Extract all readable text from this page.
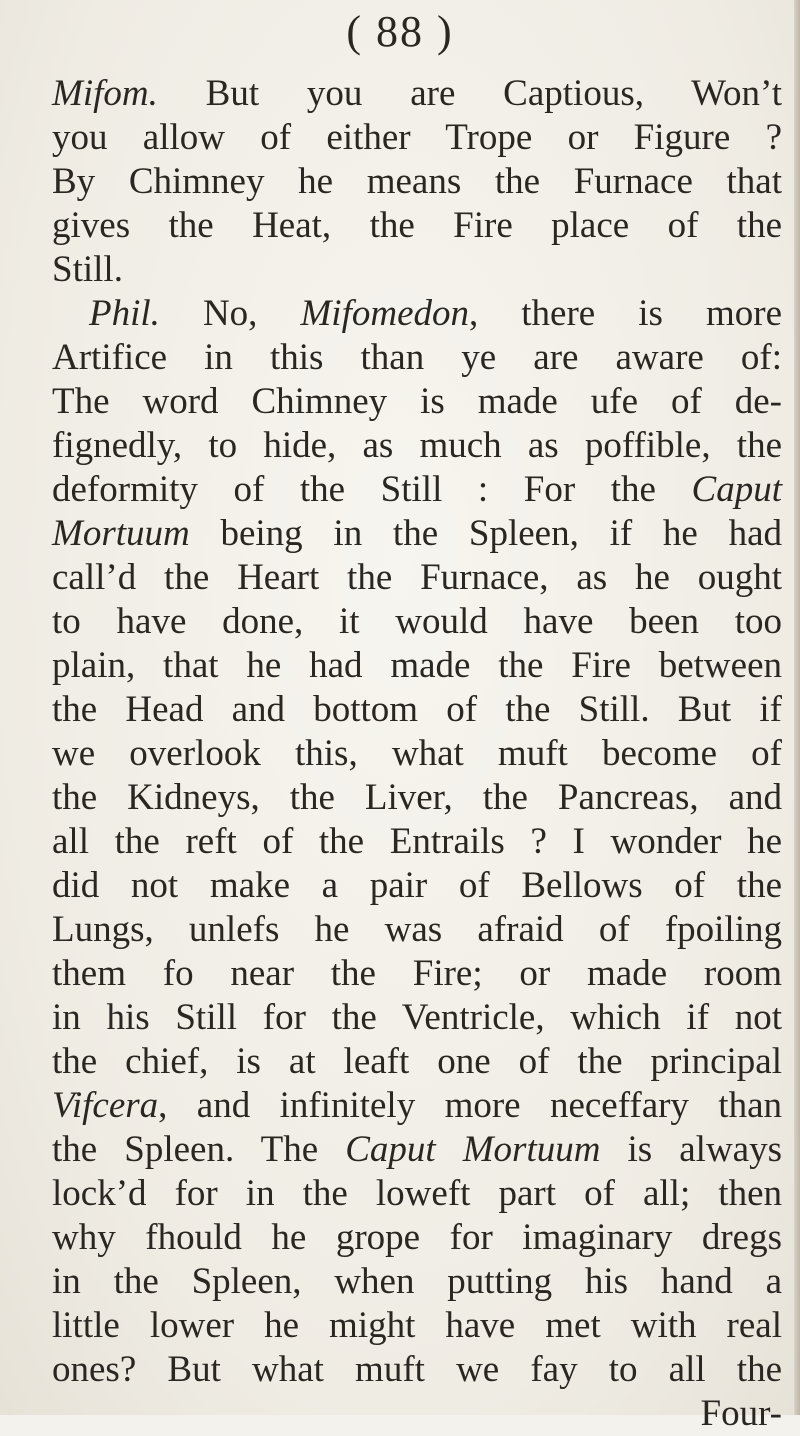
( 88 )
Mifom. But you are Captious, Won’t
you allow of either Trope or Figure ?
By Chimney he means the Furnace that
gives the Heat, the Fire place of the
Still.
 Phil. No, Mifomedon, there is more
Artifice in this than ye are aware of:
The word Chimney is made ufe of de-
fignedly, to hide, as much as poffible, the
deformity of the Still : For the Caput
Mortuum being in the Spleen, if he had
call’d the Heart the Furnace, as he ought
to have done, it would have been too
plain, that he had made the Fire between
the Head and bottom of the Still. But if
we overlook this, what muft become of
the Kidneys, the Liver, the Pancreas, and
all the reft of the Entrails ? I wonder he
did not make a pair of Bellows of the
Lungs, unlefs he was afraid of fpoiling
them fo near the Fire; or made room
in his Still for the Ventricle, which if not
the chief, is at leaft one of the principal
Vifcera, and infinitely more neceffary than
the Spleen. The Caput Mortuum is always
lock’d for in the loweft part of all; then
why fhould he grope for imaginary dregs
in the Spleen, when putting his hand a
little lower he might have met with real
ones? But what muft we fay to all the
Four-
